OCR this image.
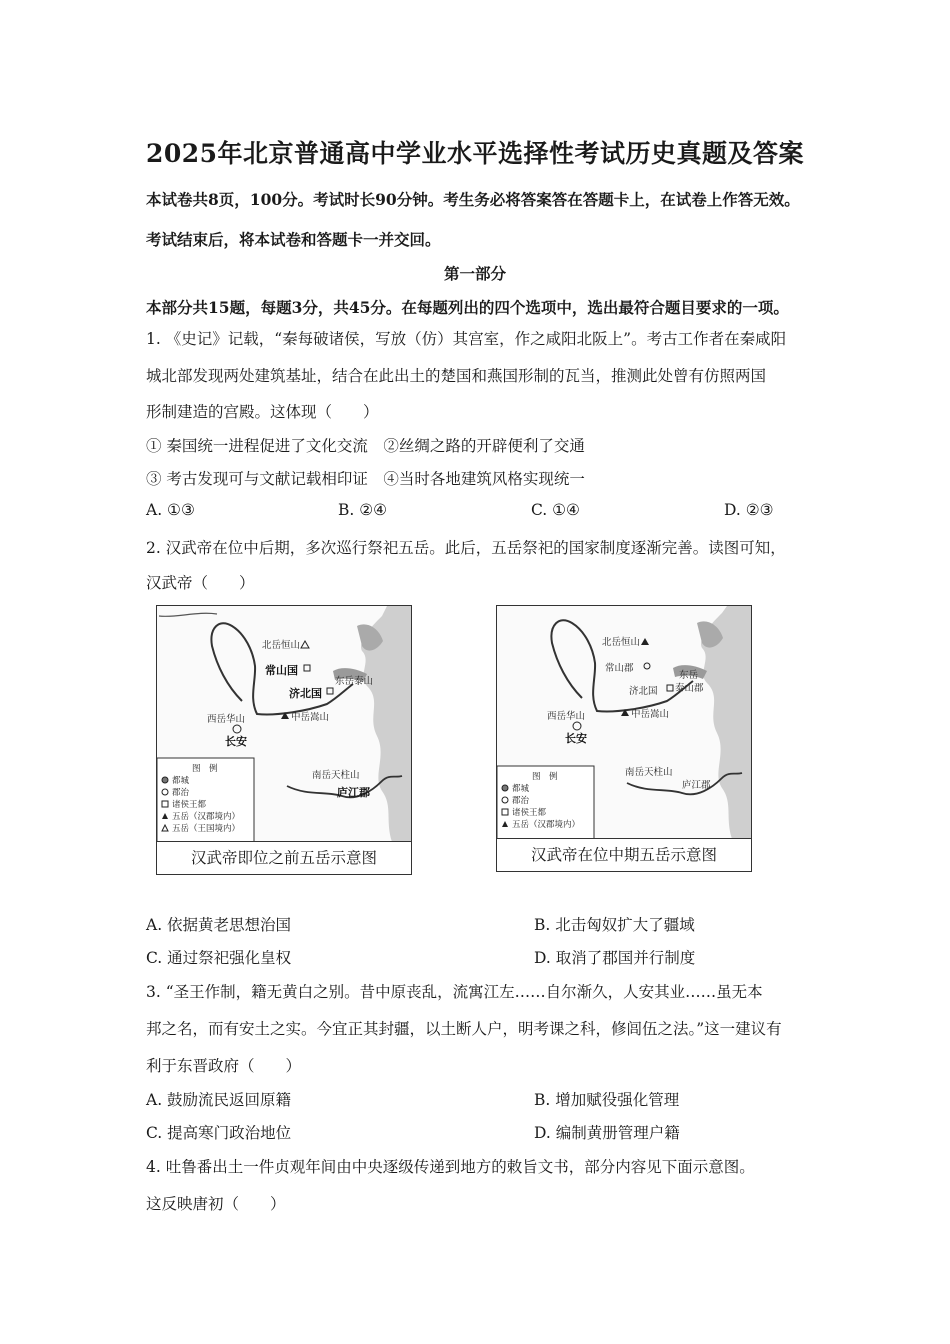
2025年北京普通高中学业水平选择性考试历史真题及答案
本试卷共8页，100分。考试时长90分钟。考生务必将答案答在答题卡上，在试卷上作答无效。
考试结束后，将本试卷和答题卡一并交回。
第一部分
本部分共15题，每题3分，共45分。在每题列出的四个选项中，选出最符合题目要求的一项。
1. 《史记》记载，“秦每破诸侯，写放（仿）其宫室，作之咸阳北阪上”。考古工作者在秦咸阳
城北部发现两处建筑基址，结合在此出土的楚国和燕国形制的瓦当，推测此处曾有仿照两国
形制建造的宫殿。这体现（　　）
① 秦国统一进程促进了文化交流　②丝绸之路的开辟便利了交通
③ 考古发现可与文献记载相印证　④当时各地建筑风格实现统一
A. ①③	B. ②④	C. ①④	D. ②③
2. 汉武帝在位中后期，多次巡行祭祀五岳。此后，五岳祭祀的国家制度逐渐完善。读图可知，
汉武帝（　　）
北岳恒山
常山国
东岳泰山
济北国
西岳华山	中岳嵩山
长安
南岳天柱山
庐江郡
图　例
都城
郡治
诸侯王都
五岳（汉郡境内）
五岳（王国境内）
汉武帝即位之前五岳示意图
北岳恒山
常山郡
东岳
泰山郡
济北国
西岳华山	中岳嵩山
长安
南岳天柱山
庐江郡
图　例
都城
郡治
诸侯王都
五岳（汉郡境内）
汉武帝在位中期五岳示意图
A. 依据黄老思想治国	B. 北击匈奴扩大了疆域
C. 通过祭祀强化皇权	D. 取消了郡国并行制度
3. “圣王作制，籍无黄白之别。昔中原丧乱，流寓江左……自尔渐久，人安其业……虽无本
邦之名，而有安土之实。今宜正其封疆，以土断人户，明考课之科，修闾伍之法。”这一建议有
利于东晋政府（　　）
A. 鼓励流民返回原籍	B. 增加赋役强化管理
C. 提高寒门政治地位	D. 编制黄册管理户籍
4. 吐鲁番出土一件贞观年间由中央逐级传递到地方的敕旨文书，部分内容见下面示意图。
这反映唐初（　　）
